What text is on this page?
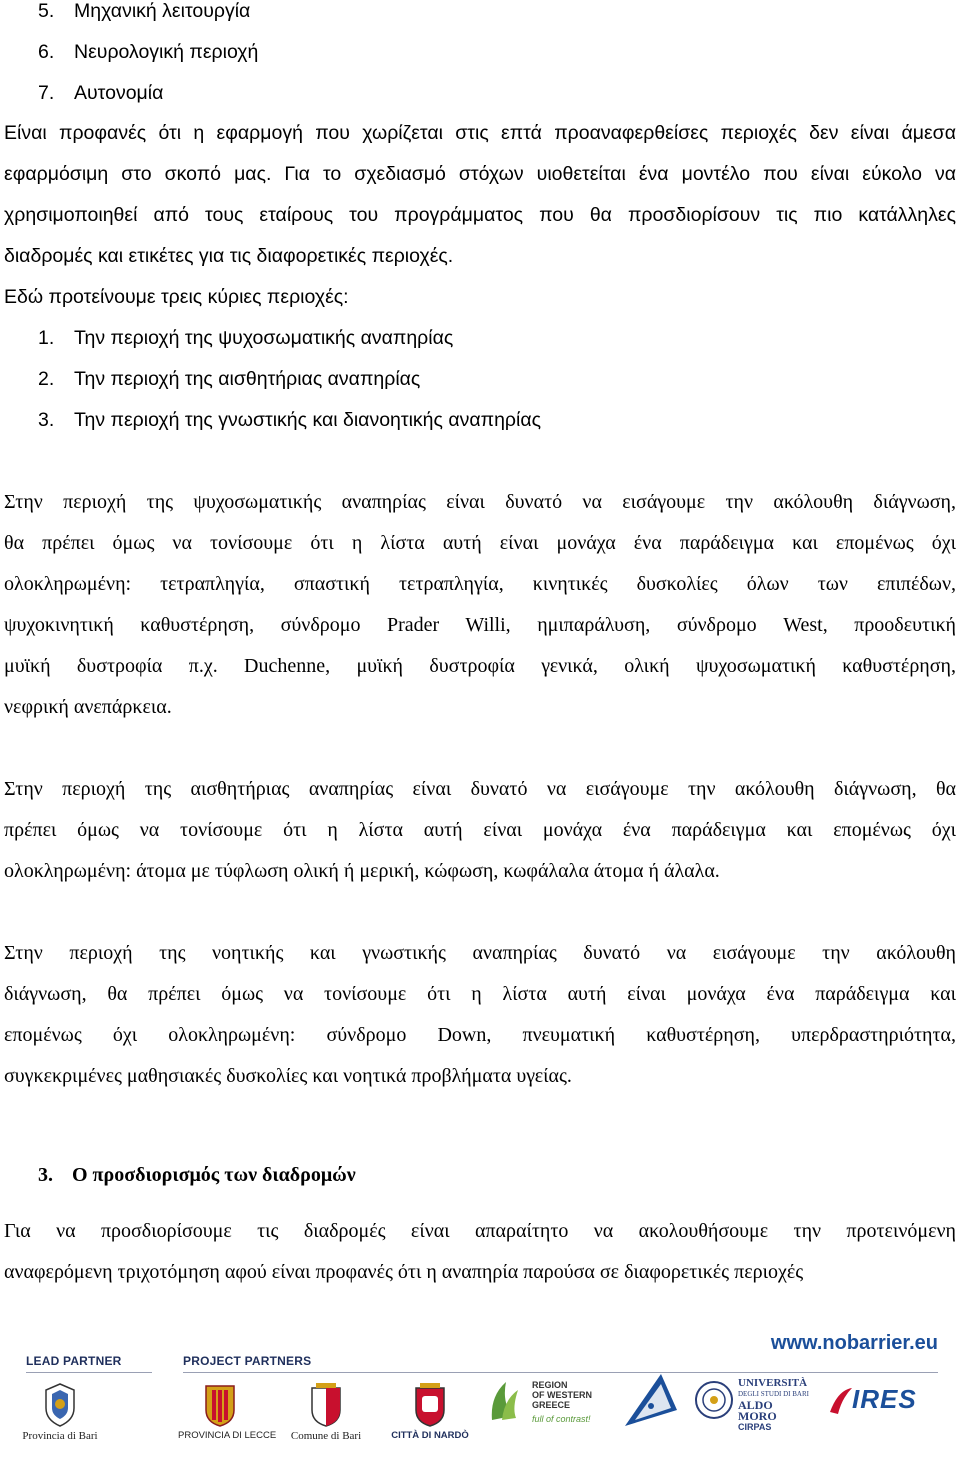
5. Μηχανική λειτουργία
6. Νευρολογική περιοχή
7. Αυτονομία
Είναι προφανές ότι η εφαρμογή που χωρίζεται στις επτά προαναφερθείσες περιοχές δεν είναι άμεσα
εφαρμόσιμη στο σκοπό μας. Για το σχεδιασμό στόχων υιοθετείται ένα μοντέλο που είναι εύκολο να
χρησιμοποιηθεί από τους εταίρους του προγράμματος που θα προσδιορίσουν τις πιο κατάλληλες
διαδρομές και ετικέτες για τις διαφορετικές περιοχές.
Εδώ προτείνουμε τρεις κύριες περιοχές:
1. Την περιοχή της ψυχοσωματικής αναπηρίας
2. Την περιοχή της αισθητήριας αναπηρίας
3. Την περιοχή της γνωστικής και διανοητικής αναπηρίας
Στην περιοχή της ψυχοσωματικής αναπηρίας είναι δυνατό να εισάγουμε την ακόλουθη διάγνωση,
θα πρέπει όμως να τονίσουμε ότι η λίστα αυτή είναι μονάχα ένα παράδειγμα και επομένως όχι
ολοκληρωμένη: τετραπληγία, σπαστική τετραπληγία, κινητικές δυσκολίες όλων των επιπέδων,
ψυχοκινητική καθυστέρηση, σύνδρομο Prader Willi, ημιπαράλυση, σύνδρομο West, προοδευτική
μυϊκή δυστροφία π.χ. Duchenne, μυϊκή δυστροφία γενικά, ολική ψυχοσωματική καθυστέρηση,
νεφρική ανεπάρκεια.
Στην περιοχή της αισθητήριας αναπηρίας είναι δυνατό να εισάγουμε την ακόλουθη διάγνωση, θα
πρέπει όμως να τονίσουμε ότι η λίστα αυτή είναι μονάχα ένα παράδειγμα και επομένως όχι
ολοκληρωμένη: άτομα με τύφλωση ολική ή μερική, κώφωση, κωφάλαλα άτομα ή άλαλα.
Στην περιοχή της νοητικής και γνωστικής αναπηρίας δυνατό να εισάγουμε την ακόλουθη
διάγνωση, θα πρέπει όμως να τονίσουμε ότι η λίστα αυτή είναι μονάχα ένα παράδειγμα και
επομένως όχι ολοκληρωμένη: σύνδρομο Down, πνευματική καθυστέρηση, υπερδραστηριότητα,
συγκεκριμένες μαθησιακές δυσκολίες και νοητικά προβλήματα υγείας.
3. Ο προσδιορισμός των διαδρομών
Για να προσδιορίσουμε τις διαδρομές είναι απαραίτητο να ακολουθήσουμε την προτεινόμενη
αναφερόμενη τριχοτόμηση αφού είναι προφανές ότι η αναπηρία παρούσα σε διαφορετικές περιοχές
LEAD PARTNER	PROJECT PARTNERS
www.nobarrier.eu
Provincia di Bari	PROVINCIA DI LECCE	Comune di Bari	CITTÀ DI NARDÒ
REGION
OF WESTERN
GREECE
full of contrast!
UNIVERSITÀ
DEGLI STUDI DI BARI
ALDO MORO
CIRPAS
IRES
